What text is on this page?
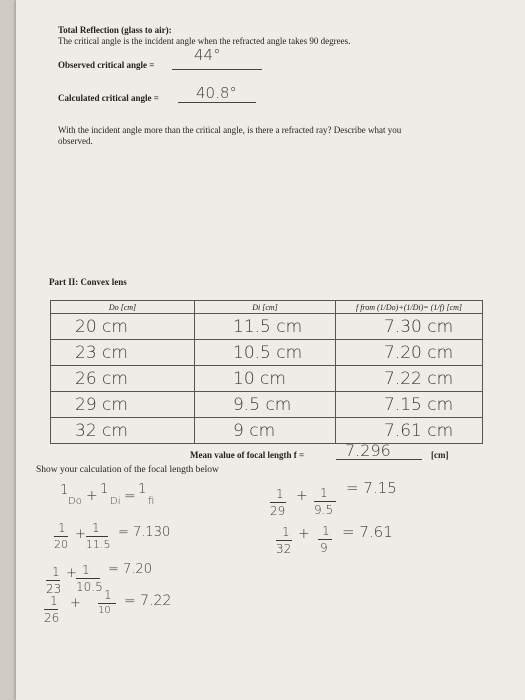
Total Reflection (glass to air):
The critical angle is the incident angle when the refracted angle takes 90 degrees.
Observed critical angle =
44°
Calculated critical angle = 40.8°
With the incident angle more than the critical angle, is there a refracted ray? Describe what you
observed.
Part II: Convex lens
Do [cm]	Di [cm]	f from (1/Do)+(1/Di)= (1/f) [cm]
20 cm	11.5 cm	7.30 cm
23 cm	10.5 cm	7.20 cm
26 cm	10 cm	7.22 cm
29 cm	9.5 cm	7.15 cm
32 cm	9 cm	7.61 cm
Mean value of focal length f =	7.296	[cm]
Show your calculation of the focal length below
1
Do + 1
Di = 1
fi
1
20
+ 1
11.5
= 7.130
1
23
+ 1
10.5
= 7.20
1
26
+
1
10
= 7.22
1
29
+ 1
9.5
= 7.15
1
32
+ 1
9
= 7.61
